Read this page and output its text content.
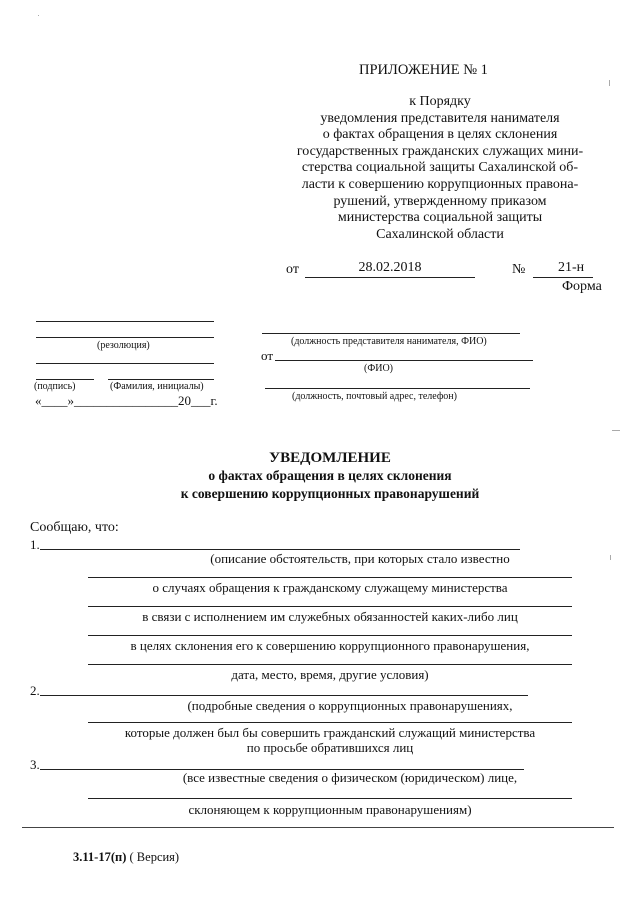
ПРИЛОЖЕНИЕ № 1
к Порядку
уведомления представителя нанимателя
о фактах обращения в целях склонения
государственных гражданских служащих мини-
стерства социальной защиты Сахалинской об-
ласти к совершению коррупционных правона-
рушений, утвержденному приказом
министерства социальной защиты
Сахалинской области
от	28.02.2018	№ 21-н
Форма
(резолюция)
(подпись)	(Фамилия, инициалы)
«____»________________20___г.
(должность представителя нанимателя, ФИО)
от
(ФИО)
(должность, почтовый адрес, телефон)
УВЕДОМЛЕНИЕ
о фактах обращения в целях склонения
к совершению коррупционных правонарушений
Сообщаю, что:
1.
(описание обстоятельств, при которых стало известно
о случаях обращения к гражданскому служащему министерства
в связи с исполнением им служебных обязанностей каких-либо лиц
в целях склонения его к совершению коррупционного правонарушения,
дата, место, время, другие условия)
2.
(подробные сведения о коррупционных правонарушениях,
которые должен был бы совершить гражданский служащий министерства
по просьбе обратившихся лиц
3.
(все известные сведения о физическом (юридическом) лице,
склоняющем к коррупционным правонарушениям)
3.11-17(п) ( Версия)
